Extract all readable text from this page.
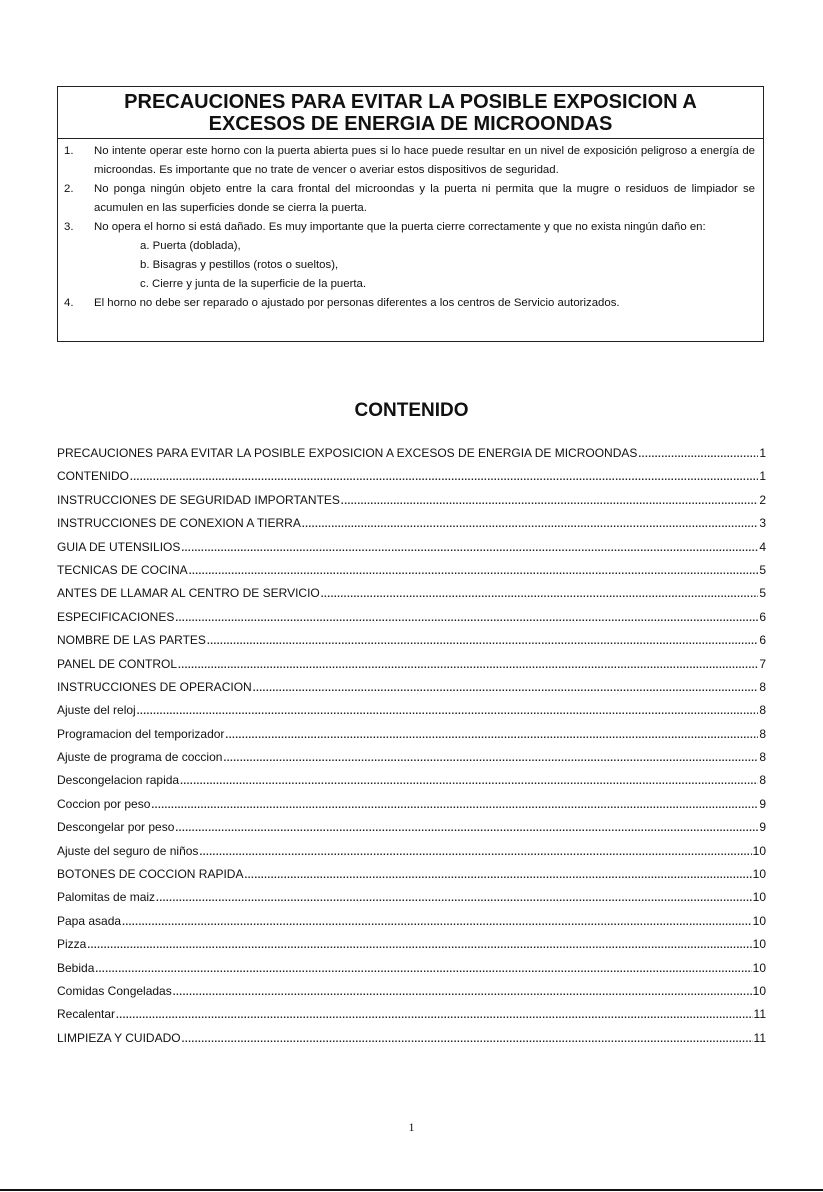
PRECAUCIONES PARA EVITAR LA POSIBLE EXPOSICION A
EXCESOS DE ENERGIA DE MICROONDAS
1.	No intente operar este horno con la puerta abierta pues si lo hace puede resultar en un nivel de exposición peligroso a energía de microondas. Es importante que no trate de vencer o averiar estos dispositivos de seguridad.
2.	No ponga ningún objeto entre la cara frontal del microondas y la puerta ni permita que la mugre o residuos de limpiador se acumulen en las superficies donde se cierra la puerta.
3.	No opera el horno si está dañado. Es muy importante que la puerta cierre correctamente y que no exista ningún daño en:
a. Puerta (doblada),
b. Bisagras y pestillos (rotos o sueltos),
c. Cierre y junta de la superficie de la puerta.
4.	El horno no debe ser reparado o ajustado por personas diferentes a los centros de Servicio autorizados.
CONTENIDO
PRECAUCIONES PARA EVITAR LA POSIBLE EXPOSICION A EXCESOS DE ENERGIA DE MICROONDAS .....	1
CONTENIDO .....	1
INSTRUCCIONES DE SEGURIDAD IMPORTANTES .....	2
INSTRUCCIONES DE CONEXION A TIERRA .....	3
GUIA DE UTENSILIOS .....	4
TECNICAS DE COCINA .....	5
ANTES DE LLAMAR AL CENTRO DE SERVICIO .....	5
ESPECIFICACIONES .....	6
NOMBRE DE LAS PARTES .....	6
PANEL DE CONTROL .....	7
INSTRUCCIONES DE OPERACION .....	8
Ajuste del reloj .....	8
Programacion del temporizador .....	8
Ajuste de programa de coccion .....	8
Descongelacion rapida .....	8
Coccion por peso .....	9
Descongelar por peso .....	9
Ajuste del seguro de niños .....	10
BOTONES DE COCCION RAPIDA .....	10
Palomitas de maiz .....	10
Papa asada .....	10
Pizza .....	10
Bebida .....	10
Comidas Congeladas .....	10
Recalentar .....	11
LIMPIEZA Y CUIDADO .....	11
1
